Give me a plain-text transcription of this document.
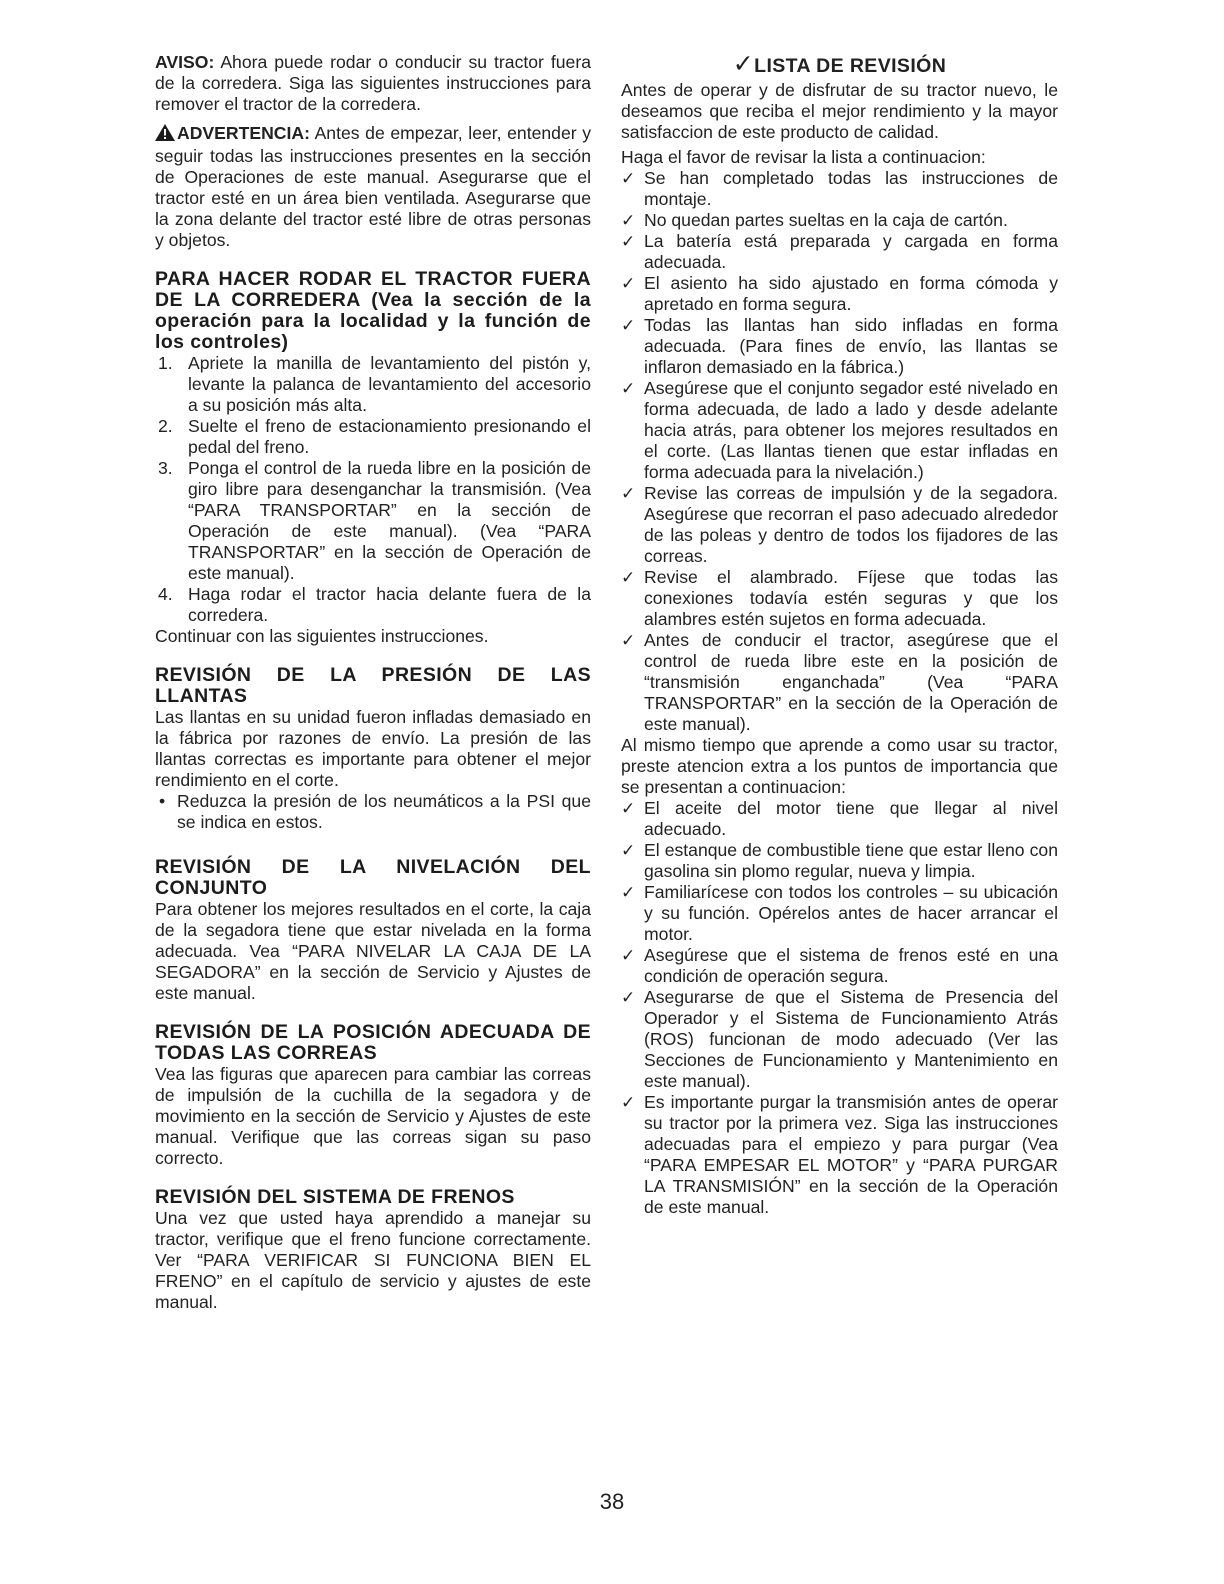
AVISO: Ahora puede rodar o conducir su tractor fuera de la corredera. Siga las siguientes instrucciones para remover el tractor de la corredera.

ADVERTENCIA: Antes de empezar, leer, entender y seguir todas las instrucciones presentes en la sección de Operaciones de este manual. Asegurarse que el tractor esté en un área bien ventilada. Asegurarse que la zona delante del tractor esté libre de otras personas y objetos.

PARA HACER RODAR EL TRACTOR FUERA DE LA CORREDERA (Vea la sección de la operación para la localidad y la función de los controles)
1. Apriete la manilla de levantamiento del pistón y, levante la palanca de levantamiento del accesorio a su posición más alta.
2. Suelte el freno de estacionamiento presionando el pedal del freno.
3. Ponga el control de la rueda libre en la posición de giro libre para desenganchar la transmisión. (Vea “PARA TRANSPORTAR” en la sección de Operación de este manual). (Vea “PARA TRANSPORTAR” en la sección de Operación de este manual).
4. Haga rodar el tractor hacia delante fuera de la corredera.

Continuar con las siguientes instrucciones.

REVISIÓN DE LA PRESIÓN DE LAS LLANTAS

Las llantas en su unidad fueron infladas demasiado en la fábrica por razones de envío. La presión de las llantas correctas es importante para obtener el mejor rendimiento en el corte.

• Reduzca la presión de los neumáticos a la PSI que se indica en estos.
REVISIÓN DE LA NIVELACIÓN DEL CONJUNTO

Para obtener los mejores resultados en el corte, la caja de la segadora tiene que estar nivelada en la forma adecuada. Vea “PARA NIVELAR LA CAJA DE LA SEGADORA” en la sección de Servicio y Ajustes de este manual.

REVISIÓN DE LA POSICIÓN ADECUADA DE TODAS LAS CORREAS

Vea las figuras que aparecen para cambiar las correas de impulsión de la cuchilla de la segadora y de movimiento en la sección de Servicio y Ajustes de este manual. Verifique que las correas sigan su paso correcto.

REVISIÓN DEL SISTEMA DE FRENOS

Una vez que usted haya aprendido a manejar su tractor, verifique que el freno funcione correctamente. Ver “PARA VERIFICAR SI FUNCIONA BIEN EL FRENO” en el capítulo de servicio y ajustes de este manual.

✓LISTA DE REVISIÓN

Antes de operar y de disfrutar de su tractor nuevo, le deseamos que reciba el mejor rendimiento y la mayor satisfaccion de este producto de calidad.

Haga el favor de revisar la lista a continuacion:

✓ Se han completado todas las instrucciones de montaje.
✓ No quedan partes sueltas en la caja de cartón.
✓ La batería está preparada y cargada en forma adecuada.
✓ El asiento ha sido ajustado en forma cómoda y apretado en forma segura.
✓ Todas las llantas han sido infladas en forma adecuada. (Para fines de envío, las llantas se inflaron demasiado en la fábrica.)
✓ Asegúrese que el conjunto segador esté nivelado en forma adecuada, de lado a lado y desde adelante hacia atrás, para obtener los mejores resultados en el corte. (Las llantas tienen que estar infladas en forma adecuada para la nivelación.)
✓ Revise las correas de impulsión y de la segadora. Asegúrese que recorran el paso adecuado alrededor de las poleas y dentro de todos los fijadores de las correas.
✓ Revise el alambrado. Fíjese que todas las conexiones todavía estén seguras y que los alambres estén sujetos en forma adecuada.
✓ Antes de conducir el tractor, asegúrese que el control de rueda libre este en la posición de “transmisión enganchada” (Vea “PARA TRANSPORTAR” en la sección de la Operación de este manual).

Al mismo tiempo que aprende a como usar su tractor, preste atencion extra a los puntos de importancia que se presentan a continuacion:

✓ El aceite del motor tiene que llegar al nivel adecuado.
✓ El estanque de combustible tiene que estar lleno con gasolina sin plomo regular, nueva y limpia.
✓ Familiarícese con todos los controles – su ubicación y su función. Opérelos antes de hacer arrancar el motor.
✓ Asegúrese que el sistema de frenos esté en una condición de operación segura.
✓ Asegurarse de que el Sistema de Presencia del Operador y el Sistema de Funcionamiento Atrás (ROS) funcionan de modo adecuado (Ver las Secciones de Funcionamiento y Mantenimiento en este manual).
✓ Es importante purgar la transmisión antes de operar su tractor por la primera vez. Siga las instrucciones adecuadas para el empiezo y para purgar (Vea “PARA EMPESAR EL MOTOR” y “PARA PURGAR LA TRANSMISIÓN” en la sección de la Operación de este manual.
38
